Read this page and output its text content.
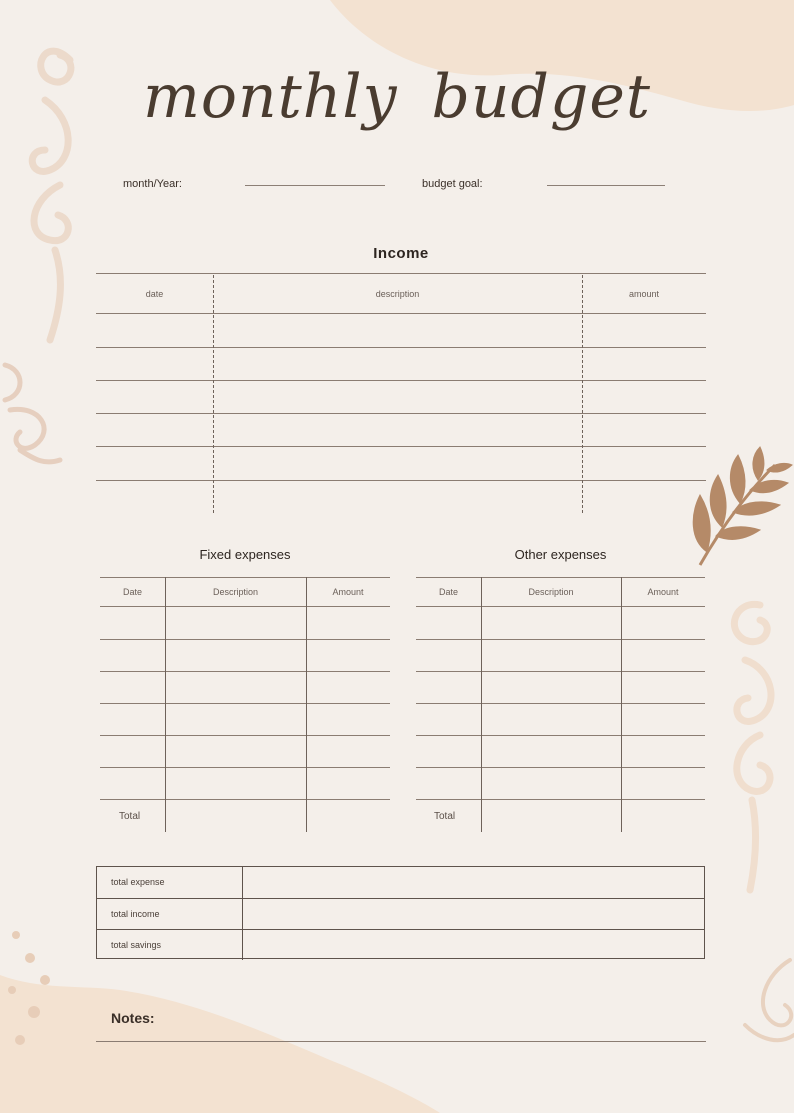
monthly budget
month/Year:	budget goal:
Income
date	description	amount
Fixed expenses
Date	Description	Amount
Total
Other expenses
Date	Description	Amount
Total
total expense
total income
total savings
Notes:
